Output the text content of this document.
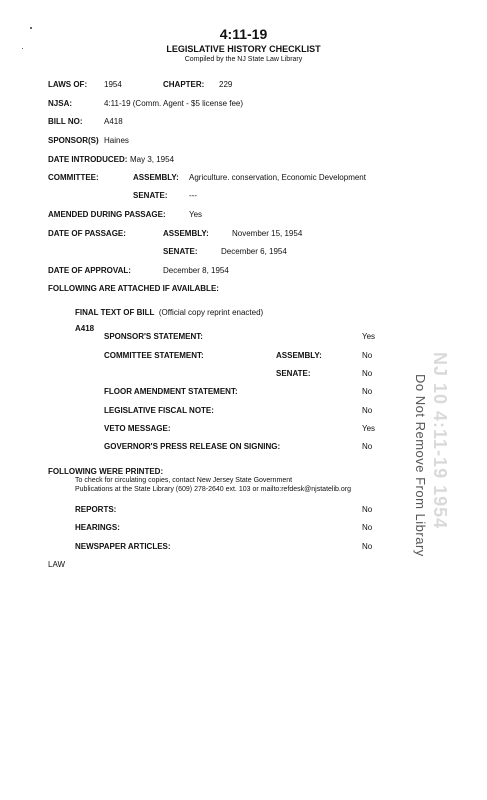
4:11-19
LEGISLATIVE HISTORY CHECKLIST
Compiled by the NJ State Law Library
LAWS OF: 1954	CHAPTER: 229
NJSA:	4:11-19 (Comm. Agent - $5 license fee)
BILL NO:	A418
SPONSOR(S) Haines
DATE INTRODUCED: May 3, 1954
COMMITTEE:	ASSEMBLY: Agriculture. conservation, Economic Development
SENATE:	---
AMENDED DURING PASSAGE:	Yes
DATE OF PASSAGE:	ASSEMBLY:	November 15, 1954
SENATE:	December 6, 1954
DATE OF APPROVAL:	December 8, 1954
FOLLOWING ARE ATTACHED IF AVAILABLE:
FINAL TEXT OF BILL (Official copy reprint enacted)
A418
SPONSOR'S STATEMENT:	Yes
COMMITTEE STATEMENT:	ASSEMBLY:	No
SENATE:	No
FLOOR AMENDMENT STATEMENT:	No
LEGISLATIVE FISCAL NOTE:	No
VETO MESSAGE:	Yes
GOVERNOR'S PRESS RELEASE ON SIGNING:	No
FOLLOWING WERE PRINTED:
To check for circulating copies, contact New Jersey State Government
Publications at the State Library (609) 278-2640 ext. 103 or mailto:refdesk@njstatelib.org
REPORTS:	No
HEARINGS:	No
NEWSPAPER ARTICLES:	No
LAW
NJ 10 4:11-19 1954
Do Not Remove From Library
